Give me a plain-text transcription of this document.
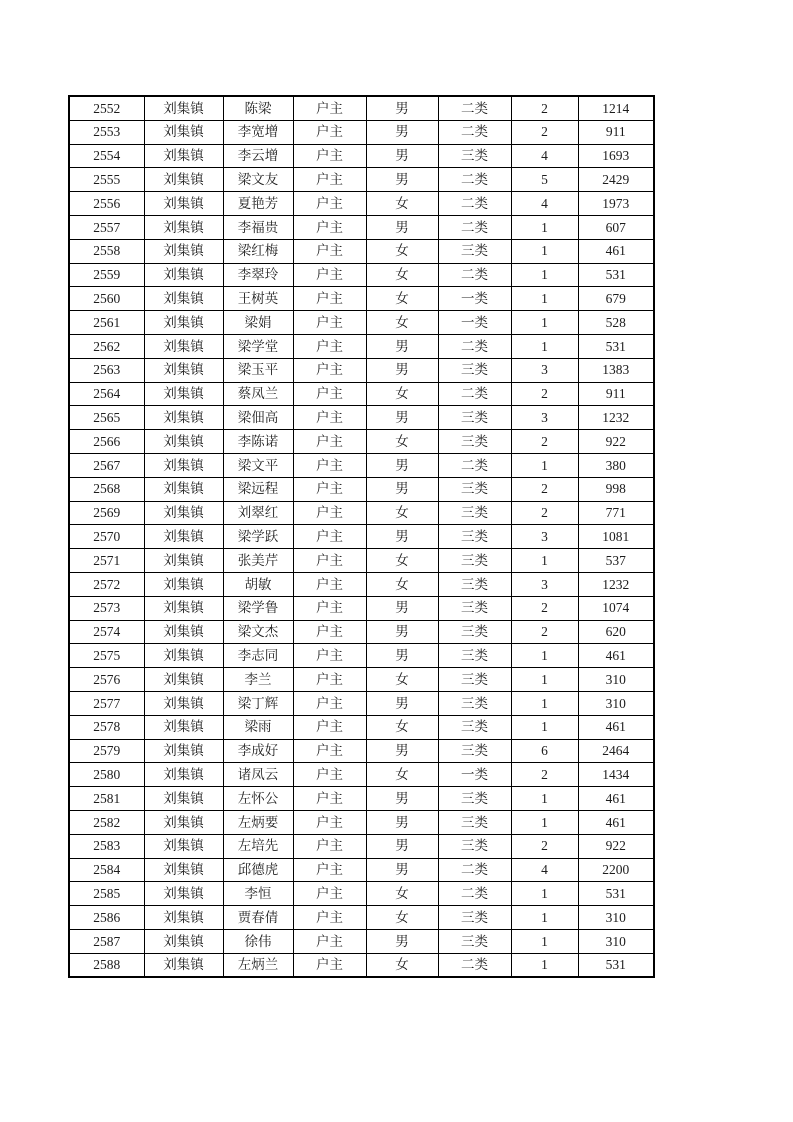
2552	刘集镇	陈梁	户主	男	二类	2	1214
2553	刘集镇	李宽增	户主	男	二类	2	911
2554	刘集镇	李云增	户主	男	三类	4	1693
2555	刘集镇	梁文友	户主	男	二类	5	2429
2556	刘集镇	夏艳芳	户主	女	二类	4	1973
2557	刘集镇	李福贵	户主	男	二类	1	607
2558	刘集镇	梁红梅	户主	女	三类	1	461
2559	刘集镇	李翠玲	户主	女	二类	1	531
2560	刘集镇	王树英	户主	女	一类	1	679
2561	刘集镇	梁娟	户主	女	一类	1	528
2562	刘集镇	梁学堂	户主	男	二类	1	531
2563	刘集镇	梁玉平	户主	男	三类	3	1383
2564	刘集镇	蔡凤兰	户主	女	二类	2	911
2565	刘集镇	梁佃高	户主	男	三类	3	1232
2566	刘集镇	李陈诺	户主	女	三类	2	922
2567	刘集镇	梁文平	户主	男	二类	1	380
2568	刘集镇	梁远程	户主	男	三类	2	998
2569	刘集镇	刘翠红	户主	女	三类	2	771
2570	刘集镇	梁学跃	户主	男	三类	3	1081
2571	刘集镇	张美芹	户主	女	三类	1	537
2572	刘集镇	胡敏	户主	女	三类	3	1232
2573	刘集镇	梁学鲁	户主	男	三类	2	1074
2574	刘集镇	梁文杰	户主	男	三类	2	620
2575	刘集镇	李志同	户主	男	三类	1	461
2576	刘集镇	李兰	户主	女	三类	1	310
2577	刘集镇	梁丁辉	户主	男	三类	1	310
2578	刘集镇	梁雨	户主	女	三类	1	461
2579	刘集镇	李成好	户主	男	三类	6	2464
2580	刘集镇	诸凤云	户主	女	一类	2	1434
2581	刘集镇	左怀公	户主	男	三类	1	461
2582	刘集镇	左炳要	户主	男	三类	1	461
2583	刘集镇	左培先	户主	男	三类	2	922
2584	刘集镇	邱德虎	户主	男	二类	4	2200
2585	刘集镇	李恒	户主	女	二类	1	531
2586	刘集镇	贾春倩	户主	女	三类	1	310
2587	刘集镇	徐伟	户主	男	三类	1	310
2588	刘集镇	左炳兰	户主	女	二类	1	531
